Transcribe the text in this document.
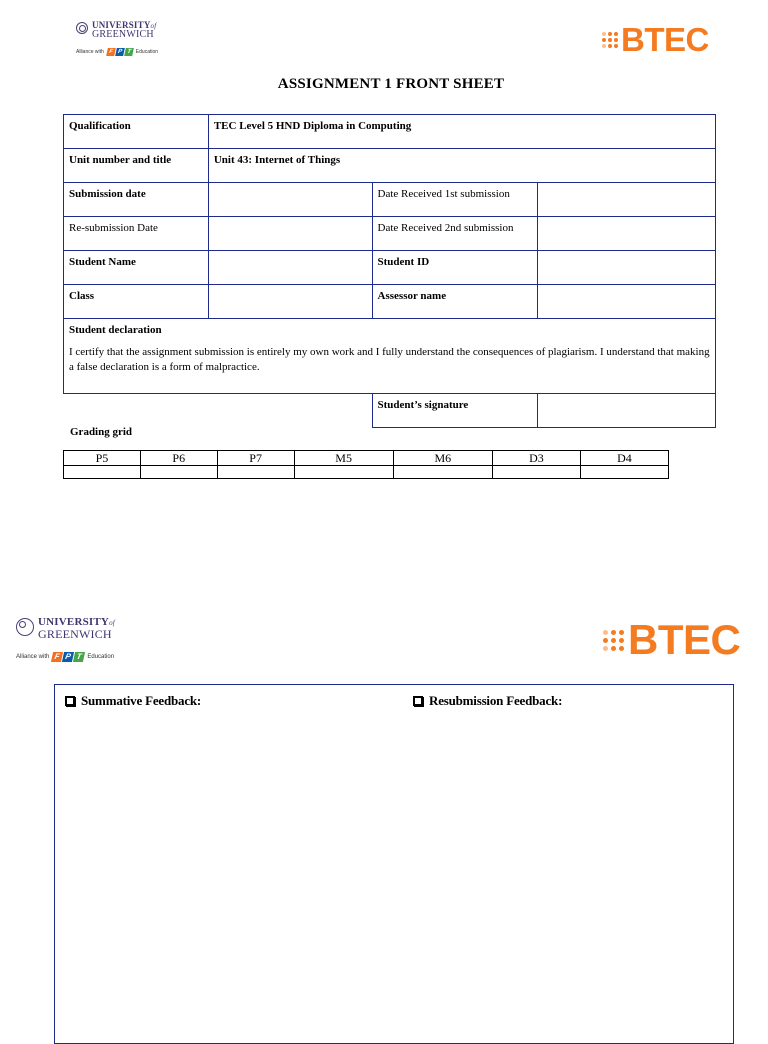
UNIVERSITYof
GREENWICH
Alliance with F P T Education	BTEC
ASSIGNMENT 1 FRONT SHEET
Qualification	TEC Level 5 HND Diploma in Computing		
Unit number and title	Unit 43: Internet of Things		
Submission date		Date Received 1st submission	
Re-submission Date		Date Received 2nd submission	
Student Name		Student ID	
Class		Assessor name	

Student declaration
I certify that the assignment submission is entirely my own work and I fully understand the consequences of plagiarism. I understand that making a false declaration is a form of malpractice.			

		Student’s signature	
Grading grid
P5	P6	P7	M5	M6	D3	D4

UNIVERSITYof
GREENWICH
Alliance with F P T Education	BTEC
Summative Feedback:	Resubmission Feedback:
